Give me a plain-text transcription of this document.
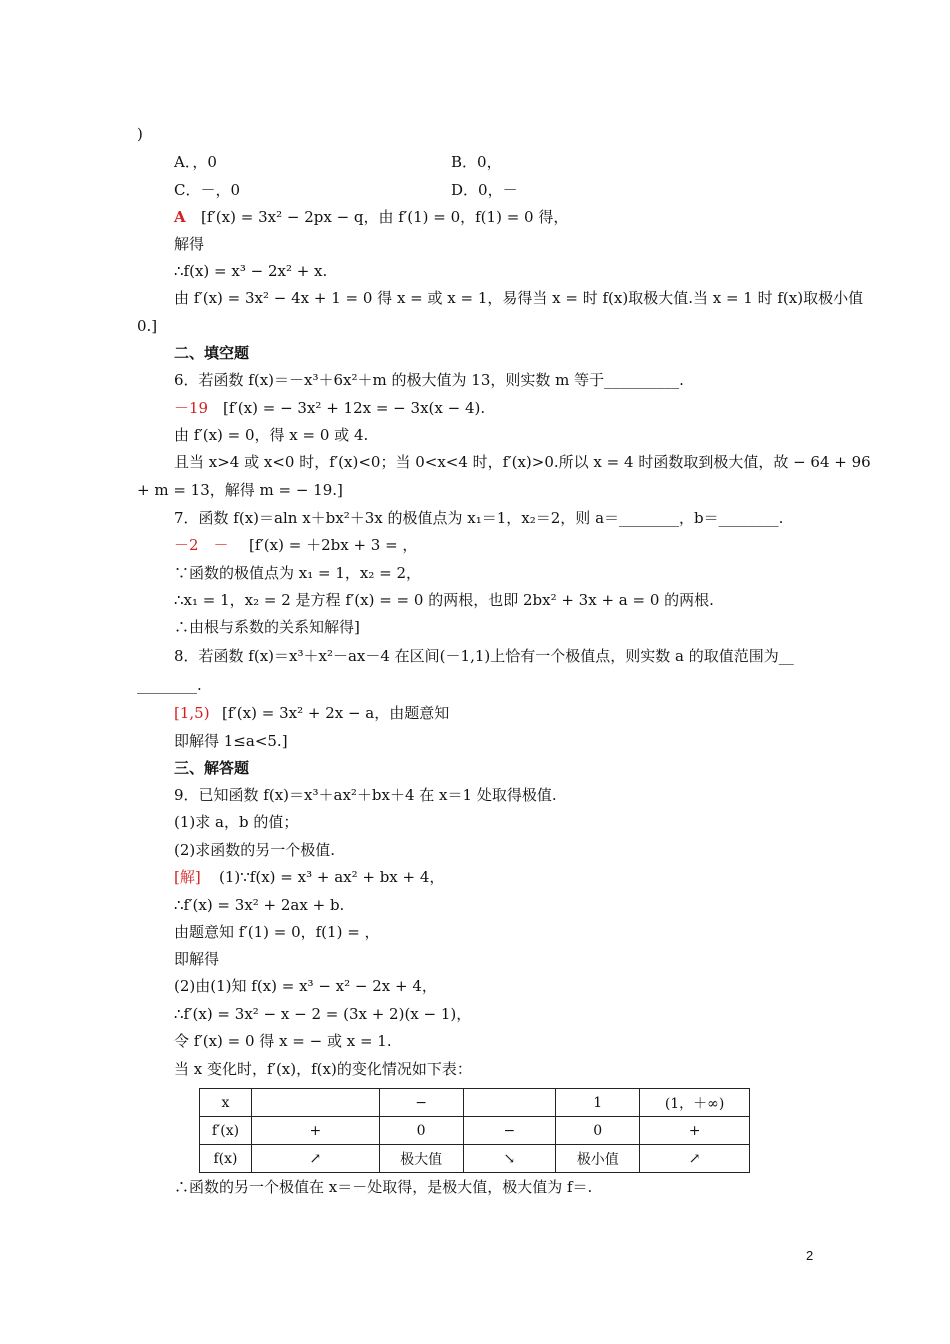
)
A．，0	B．0，
C．－，0	D．0，－
A [f′(x) = 3x² − 2px − q，由 f′(1) = 0，f(1) = 0 得，
解得
∴f(x) = x³ − 2x² + x.
由 f′(x) = 3x² − 4x + 1 = 0 得 x = 或 x = 1，易得当 x = 时 f(x)取极大值.当 x = 1 时 f(x)取极小值
0.]
二、填空题
6．若函数 f(x)＝－x³＋6x²＋m 的极大值为 13，则实数 m 等于__________.
－19 [f′(x) = − 3x² + 12x = − 3x(x − 4).
由 f′(x) = 0，得 x = 0 或 4.
且当 x>4 或 x<0 时，f′(x)<0；当 0<x<4 时，f′(x)>0.所以 x = 4 时函数取到极大值，故 − 64 + 96
+ m = 13，解得 m = − 19.]
7．函数 f(x)＝aln x＋bx²＋3x 的极值点为 x₁＝1，x₂＝2，则 a＝________，b＝________.
－2　－ [f′(x) = ＋2bx + 3 = ，
∵函数的极值点为 x₁ = 1，x₂ = 2，
∴x₁ = 1，x₂ = 2 是方程 f′(x) = = 0 的两根，也即 2bx² + 3x + a = 0 的两根.
∴由根与系数的关系知解得]
8．若函数 f(x)＝x³＋x²－ax－4 在区间(－1,1)上恰有一个极值点，则实数 a 的取值范围为__
________.
[1,5) [f′(x) = 3x² + 2x − a，由题意知
即解得 1≤a<5.]
三、解答题
9．已知函数 f(x)＝x³＋ax²＋bx＋4 在 x＝1 处取得极值.
(1)求 a，b 的值；
(2)求函数的另一个极值.
[解] (1)∵f(x) = x³ + ax² + bx + 4，
∴f′(x) = 3x² + 2ax + b.
由题意知 f′(1) = 0，f(1) = ，
即解得
(2)由(1)知 f(x) = x³ − x² − 2x + 4，
∴f′(x) = 3x² − x − 2 = (3x + 2)(x − 1)，
令 f′(x) = 0 得 x = − 或 x = 1.
当 x 变化时，f′(x)，f(x)的变化情况如下表：
x		−		1	(1，＋∞)
f′(x)	+	0	−	0	+
f(x)	↗	极大值	↘	极小值	↗
∴函数的另一个极值在 x＝－处取得，是极大值，极大值为 f＝.
2
